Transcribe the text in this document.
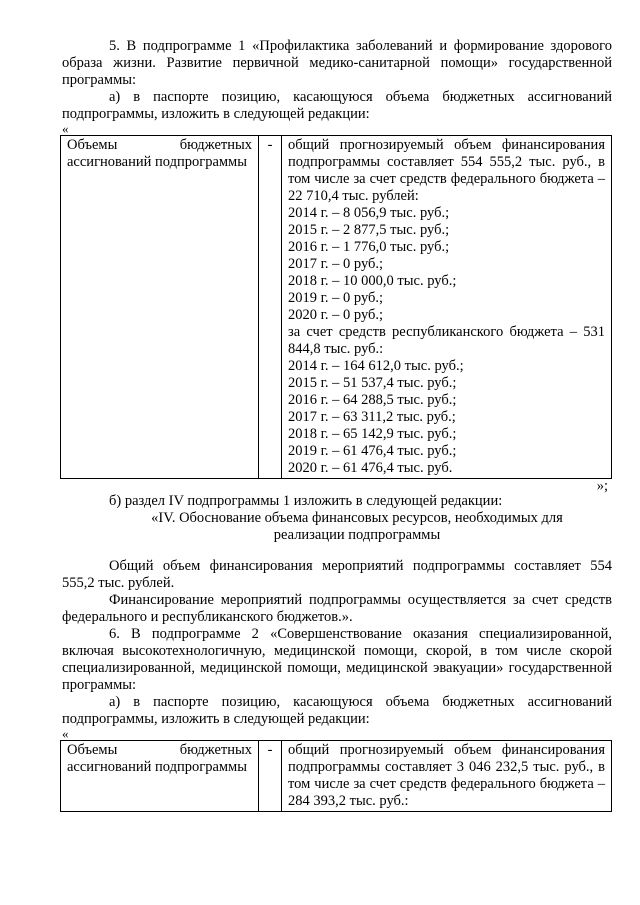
5. В подпрограмме 1 «Профилактика заболеваний и формирование здорового образа жизни. Развитие первичной медико-санитарной помощи» государственной программы:

а) в паспорте позицию, касающуюся объема бюджетных ассигнований подпрограммы, изложить в следующей редакции:

«

Объемы бюджетных ассигнований подпрограммы	-	общий прогнозируемый объем финансирования подпрограммы составляет 554 555,2 тыс. руб., в том числе за счет средств федерального бюджета – 22 710,4 тыс. рублей:
2014 г. – 8 056,9 тыс. руб.;
2015 г. – 2 877,5 тыс. руб.;
2016 г. – 1 776,0 тыс. руб.;
2017 г. – 0 руб.;
2018 г. – 10 000,0 тыс. руб.;
2019 г. – 0 руб.;
2020 г. – 0 руб.;
за счет средств республиканского бюджета – 531 844,8 тыс. руб.:
2014 г. – 164 612,0 тыс. руб.;
2015 г. – 51 537,4 тыс. руб.;
2016 г. – 64 288,5 тыс. руб.;
2017 г. – 63 311,2 тыс. руб.;
2018 г. – 65 142,9 тыс. руб.;
2019 г. – 61 476,4 тыс. руб.;
2020 г. – 61 476,4 тыс. руб.

»;

б) раздел IV подпрограммы 1 изложить в следующей редакции:

«IV. Обоснование объема финансовых ресурсов, необходимых для
реализации подпрограммы

Общий объем финансирования мероприятий подпрограммы составляет 554 555,2 тыс. рублей.

Финансирование мероприятий подпрограммы осуществляется за счет средств федерального и республиканского бюджетов.».

6. В подпрограмме 2 «Совершенствование оказания специализированной, включая высокотехнологичную, медицинской помощи, скорой, в том числе скорой специализированной, медицинской помощи, медицинской эвакуации» государственной программы:

а) в паспорте позицию, касающуюся объема бюджетных ассигнований подпрограммы, изложить в следующей редакции:

«

Объемы бюджетных ассигнований подпрограммы	-	общий прогнозируемый объем финансирования подпрограммы составляет 3 046 232,5 тыс. руб., в том числе за счет средств федерального бюджета – 284 393,2 тыс. руб.:
